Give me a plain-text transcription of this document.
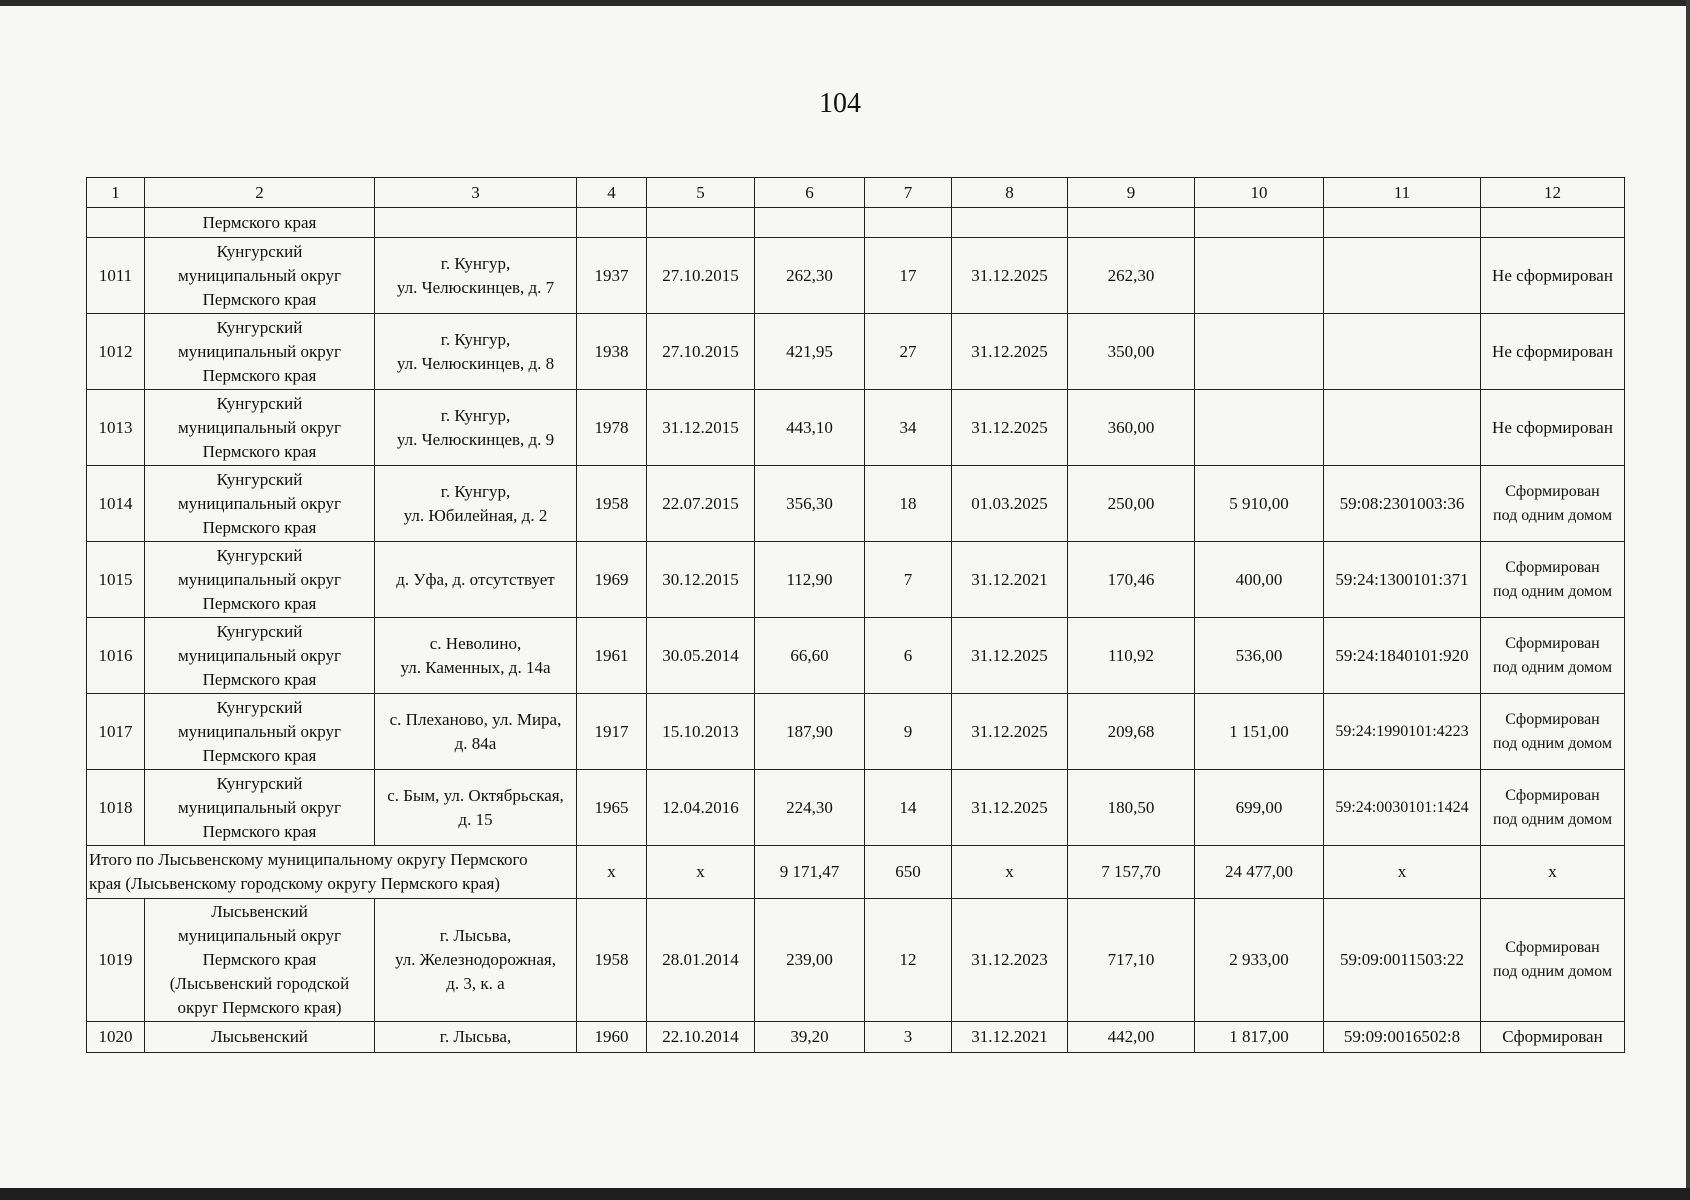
104
1	2	3	4	5	6	7	8	9	10	11	12
	Пермского края										
1011	Кунгурский
муниципальный округ
Пермского края	г. Кунгур,
ул. Челюскинцев, д. 7	1937	27.10.2015	262,30	17	31.12.2025	262,30			Не сформирован

1012	Кунгурский
муниципальный округ
Пермского края	г. Кунгур,
ул. Челюскинцев, д. 8	1938	27.10.2015	421,95	27	31.12.2025	350,00			Не сформирован

1013	Кунгурский
муниципальный округ
Пермского края	г. Кунгур,
ул. Челюскинцев, д. 9	1978	31.12.2015	443,10	34	31.12.2025	360,00			Не сформирован

1014	Кунгурский
муниципальный округ
Пермского края	г. Кунгур,
ул. Юбилейная, д. 2	1958	22.07.2015	356,30	18	01.03.2025	250,00	5 910,00	59:08:2301003:36	Сформирован
под одним домом

1015	Кунгурский
муниципальный округ
Пермского края	д. Уфа, д. отсутствует	1969	30.12.2015	112,90	7	31.12.2021	170,46	400,00	59:24:1300101:371	Сформирован
под одним домом

1016	Кунгурский
муниципальный округ
Пермского края	с. Неволино,
ул. Каменных, д. 14а	1961	30.05.2014	66,60	6	31.12.2025	110,92	536,00	59:24:1840101:920	Сформирован
под одним домом

1017	Кунгурский
муниципальный округ
Пермского края	с. Плеханово, ул. Мира,
д. 84а	1917	15.10.2013	187,90	9	31.12.2025	209,68	1 151,00	59:24:1990101:4223	Сформирован
под одним домом

1018	Кунгурский
муниципальный округ
Пермского края	с. Бым, ул. Октябрьская,
д. 15	1965	12.04.2016	224,30	14	31.12.2025	180,50	699,00	59:24:0030101:1424	Сформирован
под одним домом

Итого по Лысьвенскому муниципальному округу Пермского
края (Лысьвенскому городскому округу Пермского края)			x	x	9 171,47	650	x	7 157,70	24 477,00	x	x
1019	Лысьвенский
муниципальный округ
Пермского края
(Лысьвенский городской
округ Пермского края)	г. Лысьва,
ул. Железнодорожная,
д. 3, к. а	1958	28.01.2014	239,00	12	31.12.2023	717,10	2 933,00	59:09:0011503:22	Сформирован
под одним домом

1020	Лысьвенский	г. Лысьва,	1960	22.10.2014	39,20	3	31.12.2021	442,00	1 817,00	59:09:0016502:8	Сформирован
